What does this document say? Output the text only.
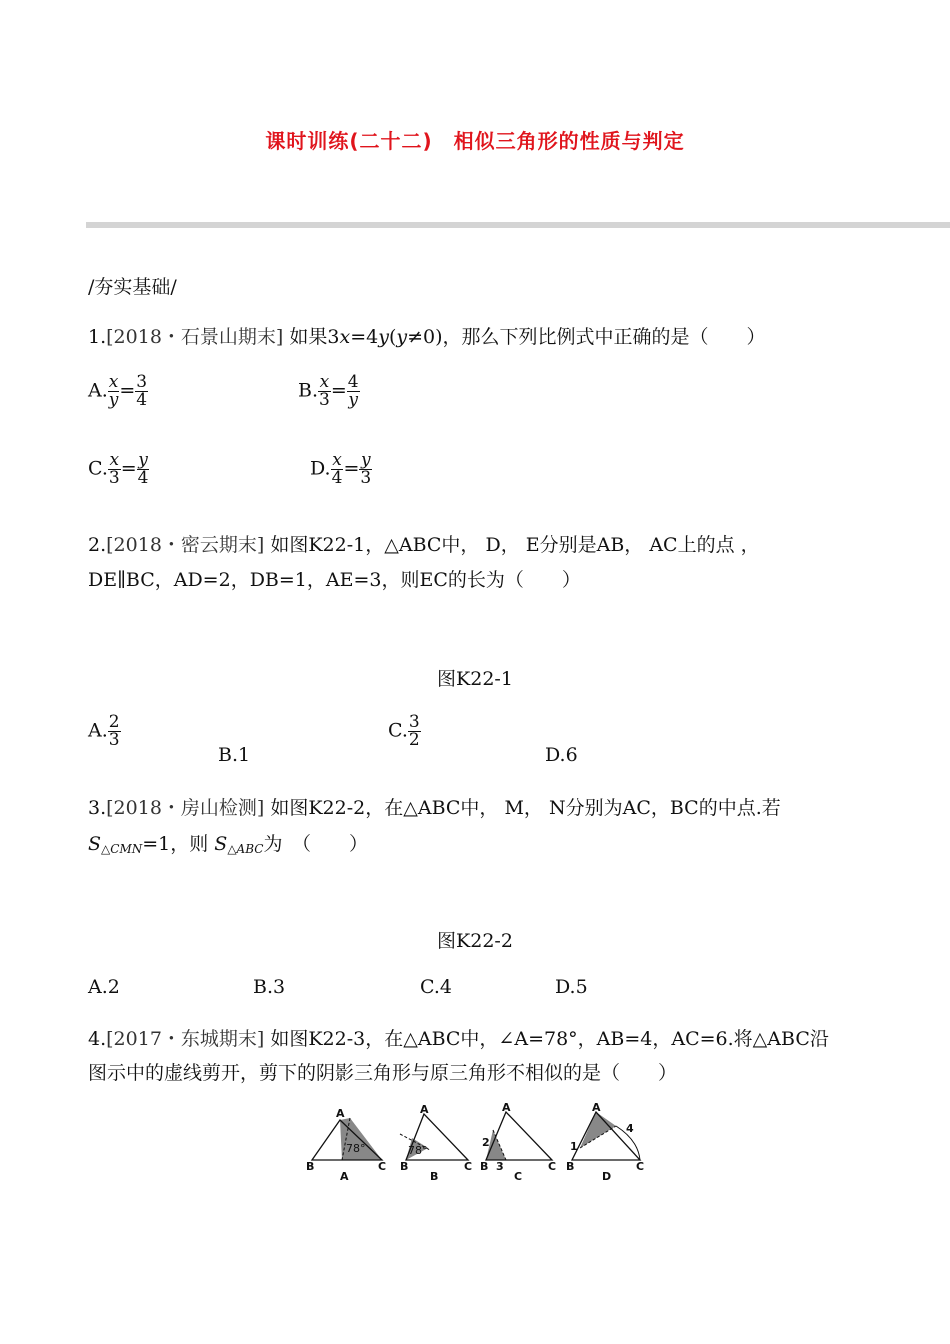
课时训练(二十二)　相似三角形的性质与判定
/夯实基础/
1.[2018・石景山期末] 如果3x=4y(y≠0)，那么下列比例式中正确的是（　　）
A. $\frac{x}{y} = \frac{3}{4}$	B. $\frac{x}{3} = \frac{4}{y}$
C. $\frac{x}{3} = \frac{y}{4}$	D. $\frac{x}{4} = \frac{y}{3}$
2.[2018・密云期末] 如图K22-1，△ABC中， D， E分别是AB， AC上的点 ，
DE∥BC，AD=2，DB=1，AE=3，则EC的长为（　　）
图K22-1
A. $\frac{2}{3}$
B.1
C. $\frac{3}{2}$
D.6
3.[2018・房山检测] 如图K22-2，在△ABC中， M， N分别为AC，BC的中点.若
$S_{\triangle CMN}=1$，则 $S_{\triangle ABC}$为　（　　）
图K22-2
A.2	B.3	C.4	D.5
4.[2017・东城期末] 如图K22-3，在△ABC中，∠A=78°，AB=4，AC=6.将△ABC沿
图示中的虚线剪开，剪下的阴影三角形与原三角形不相似的是（　　）
A
B	C
78°
A
A
B	C
78°
B
A
B	C
2
3
C
A
B	C
1
4
D
